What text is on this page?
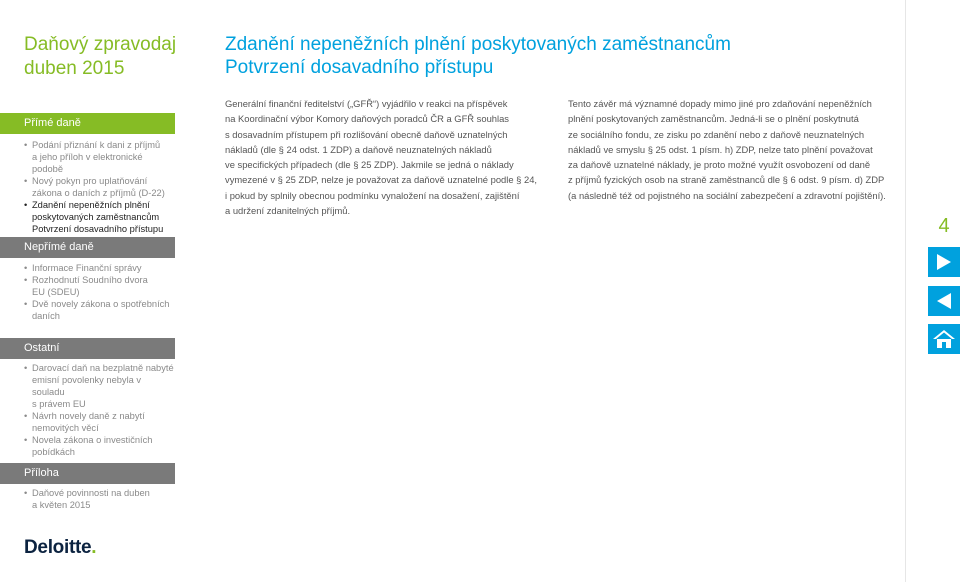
Daňový zpravodaj
duben 2015
Přímé daně
• Podání přiznání k dani z příjmů
a jeho příloh v elektronické podobě
• Nový pokyn pro uplatňování
zákona o daních z příjmů (D-22)
• Zdanění nepeněžních plnění
poskytovaných zaměstnancům
Potvrzení dosavadního přístupu
Nepřímé daně
• Informace Finanční správy
• Rozhodnutí Soudního dvora
EU (SDEU)
• Dvě novely zákona o spotřebních
daních
Ostatní
• Darovací daň na bezplatně nabyté
emisní povolenky nebyla v souladu
s právem EU
• Návrh novely daně z nabytí
nemovitých věcí
• Novela zákona o investičních
pobídkách
Příloha
• Daňové povinnosti na duben
a květen 2015
Deloitte.
Zdanění nepeněžních plnění poskytovaných zaměstnancům
Potvrzení dosavadního přístupu
Generální finanční ředitelství („GFŘ“) vyjádřilo v reakci na příspěvek
na Koordinační výbor Komory daňových poradců ČR a GFŘ souhlas
s dosavadním přístupem při rozlišování obecně daňově uznatelných
nákladů (dle § 24 odst. 1 ZDP) a daňově neuznatelných nákladů
ve specifických případech (dle § 25 ZDP). Jakmile se jedná o náklady
vymezené v § 25 ZDP, nelze je považovat za daňově uznatelné podle § 24,
i pokud by splnily obecnou podmínku vynaložení na dosažení, zajištění
a udržení zdanitelných příjmů.
Tento závěr má významné dopady mimo jiné pro zdaňování nepeněžních
plnění poskytovaných zaměstnancům. Jedná-li se o plnění poskytnutá
ze sociálního fondu, ze zisku po zdanění nebo z daňově neuznatelných
nákladů ve smyslu § 25 odst. 1 písm. h) ZDP, nelze tato plnění považovat
za daňově uznatelné náklady, je proto možné využít osvobození od daně
z příjmů fyzických osob na straně zaměstnanců dle § 6 odst. 9 písm. d) ZDP
(a následně též od pojistného na sociální zabezpečení a zdravotní pojištění).
4
